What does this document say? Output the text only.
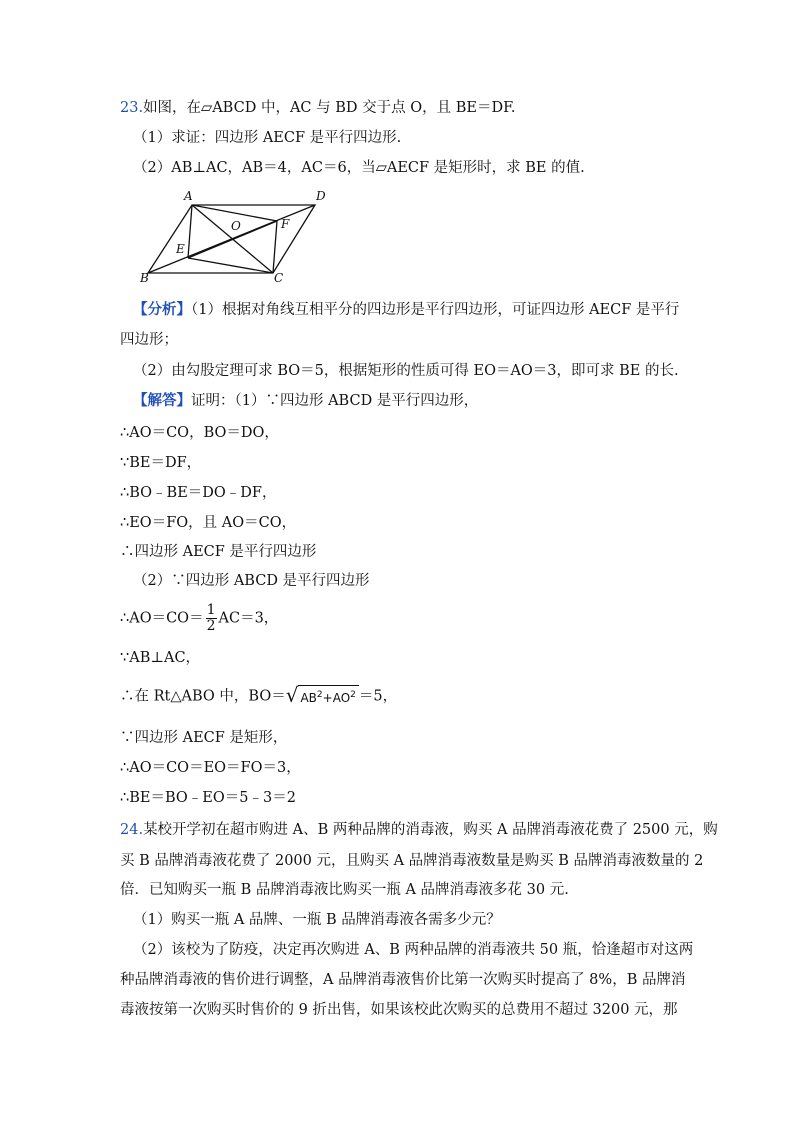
23.如图，在▱ABCD 中，AC 与 BD 交于点 O，且 BE＝DF.
（1）求证：四边形 AECF 是平行四边形.
（2）AB⊥AC，AB＝4，AC＝6，当▱AECF 是矩形时，求 BE 的值.
A	D
B	C
O
E
F
【分析】（1）根据对角线互相平分的四边形是平行四边形，可证四边形 AECF 是平行
四边形；
（2）由勾股定理可求 BO＝5，根据矩形的性质可得 EO＝AO＝3，即可求 BE 的长.
【解答】证明：（1）∵四边形 ABCD 是平行四边形，
∴AO＝CO，BO＝DO，
∵BE＝DF，
∴BO﹣BE＝DO﹣DF，
∴EO＝FO，且 AO＝CO，
∴四边形 AECF 是平行四边形
（2）∵四边形 ABCD 是平行四边形
∴AO＝CO＝ $\frac{1}{2} AC=3$，
∵AB⊥AC，
∴在 Rt△ABO 中，BO＝√ $AB^2+AO^2 =5$，
∵四边形 AECF 是矩形，
∴AO＝CO＝EO＝FO＝3，
∴BE＝BO﹣EO＝5﹣3＝2
24.某校开学初在超市购进 A、B 两种品牌的消毒液，购买 A 品牌消毒液花费了 2500 元，购
买 B 品牌消毒液花费了 2000 元，且购买 A 品牌消毒液数量是购买 B 品牌消毒液数量的 2
倍．已知购买一瓶 B 品牌消毒液比购买一瓶 A 品牌消毒液多花 30 元.
（1）购买一瓶 A 品牌、一瓶 B 品牌消毒液各需多少元？
（2）该校为了防疫，决定再次购进 A、B 两种品牌的消毒液共 50 瓶，恰逢超市对这两
种品牌消毒液的售价进行调整，A 品牌消毒液售价比第一次购买时提高了 8%，B 品牌消
毒液按第一次购买时售价的 9 折出售，如果该校此次购买的总费用不超过 3200 元，那
